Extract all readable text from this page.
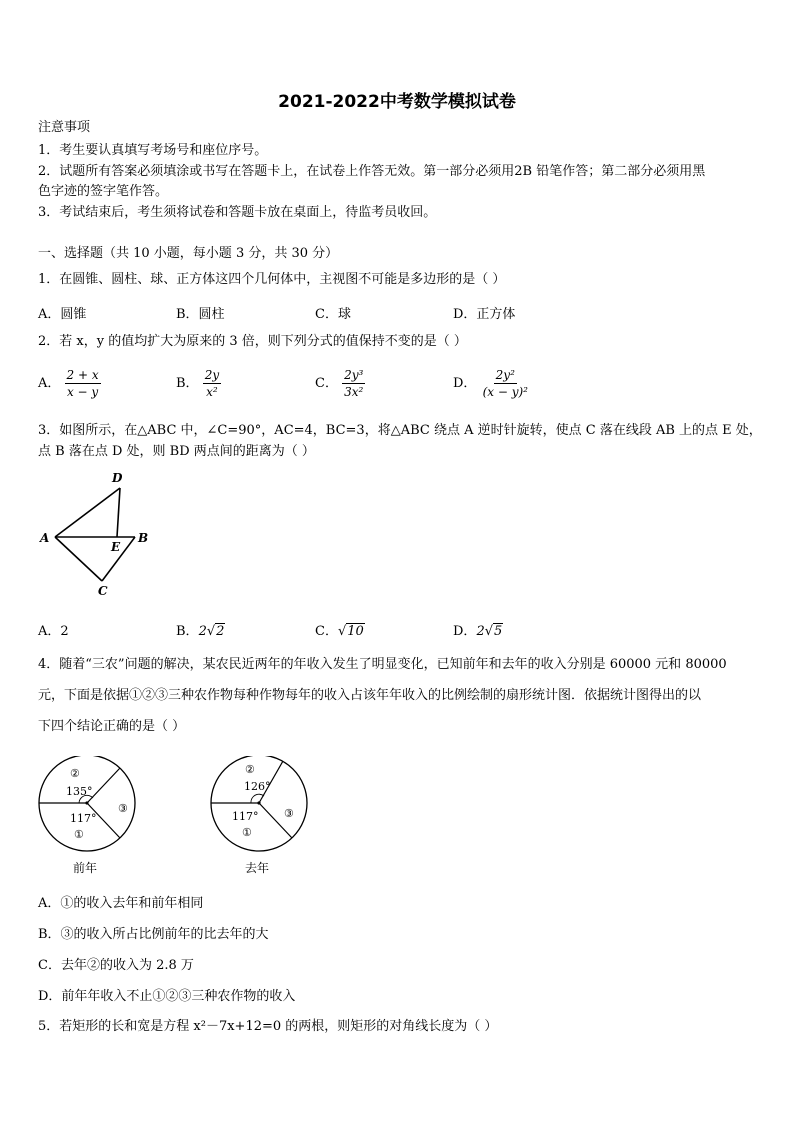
2021-2022中考数学模拟试卷
注意事项
1．考生要认真填写考场号和座位序号。
2．试题所有答案必须填涂或书写在答题卡上，在试卷上作答无效。第一部分必须用2B 铅笔作答；第二部分必须用黑
色字迹的签字笔作答。
3．考试结束后，考生须将试卷和答题卡放在桌面上，待监考员收回。
一、选择题（共 10 小题，每小题 3 分，共 30 分）
1．在圆锥、圆柱、球、正方体这四个几何体中，主视图不可能是多边形的是（ ）
A．圆锥	B．圆柱	C．球	D．正方体
2．若 x，y 的值均扩大为原来的 3 倍，则下列分式的值保持不变的是（ ）
A． $\frac{2 + x}{x - y}$	B． $\frac{2y}{\text{x²}}$	C． $\frac{\text{2y³}}{\text{3x²}}$	D． $\frac{\text{2y²}}{\text{(x − y)²}}$
3．如图所示，在△ABC 中，∠C=90°，AC=4，BC=3，将△ABC 绕点 A 逆时针旋转，使点 C 落在线段 AB 上的点 E 处，
点 B 落在点 D 处，则 BD 两点间的距离为（ ）
A	B
C
D
E
A．2	B．2√2	C．√10	D．2√5
4．随着“三农”问题的解决，某农民近两年的年收入发生了明显变化，已知前年和去年的收入分别是 60000 元和 80000
元，下面是依据①②③三种农作物每种作物每年的收入占该年年收入的比例绘制的扇形统计图．依据统计图得出的以
下四个结论正确的是（ ）
②
135°
117°
①
③
前年
②
126°
117°
①
③
去年
A．①的收入去年和前年相同
B．③的收入所占比例前年的比去年的大
C．去年②的收入为 2.8 万
D．前年年收入不止①②③三种农作物的收入
5．若矩形的长和宽是方程 x²－7x+12=0 的两根，则矩形的对角线长度为（ ）
